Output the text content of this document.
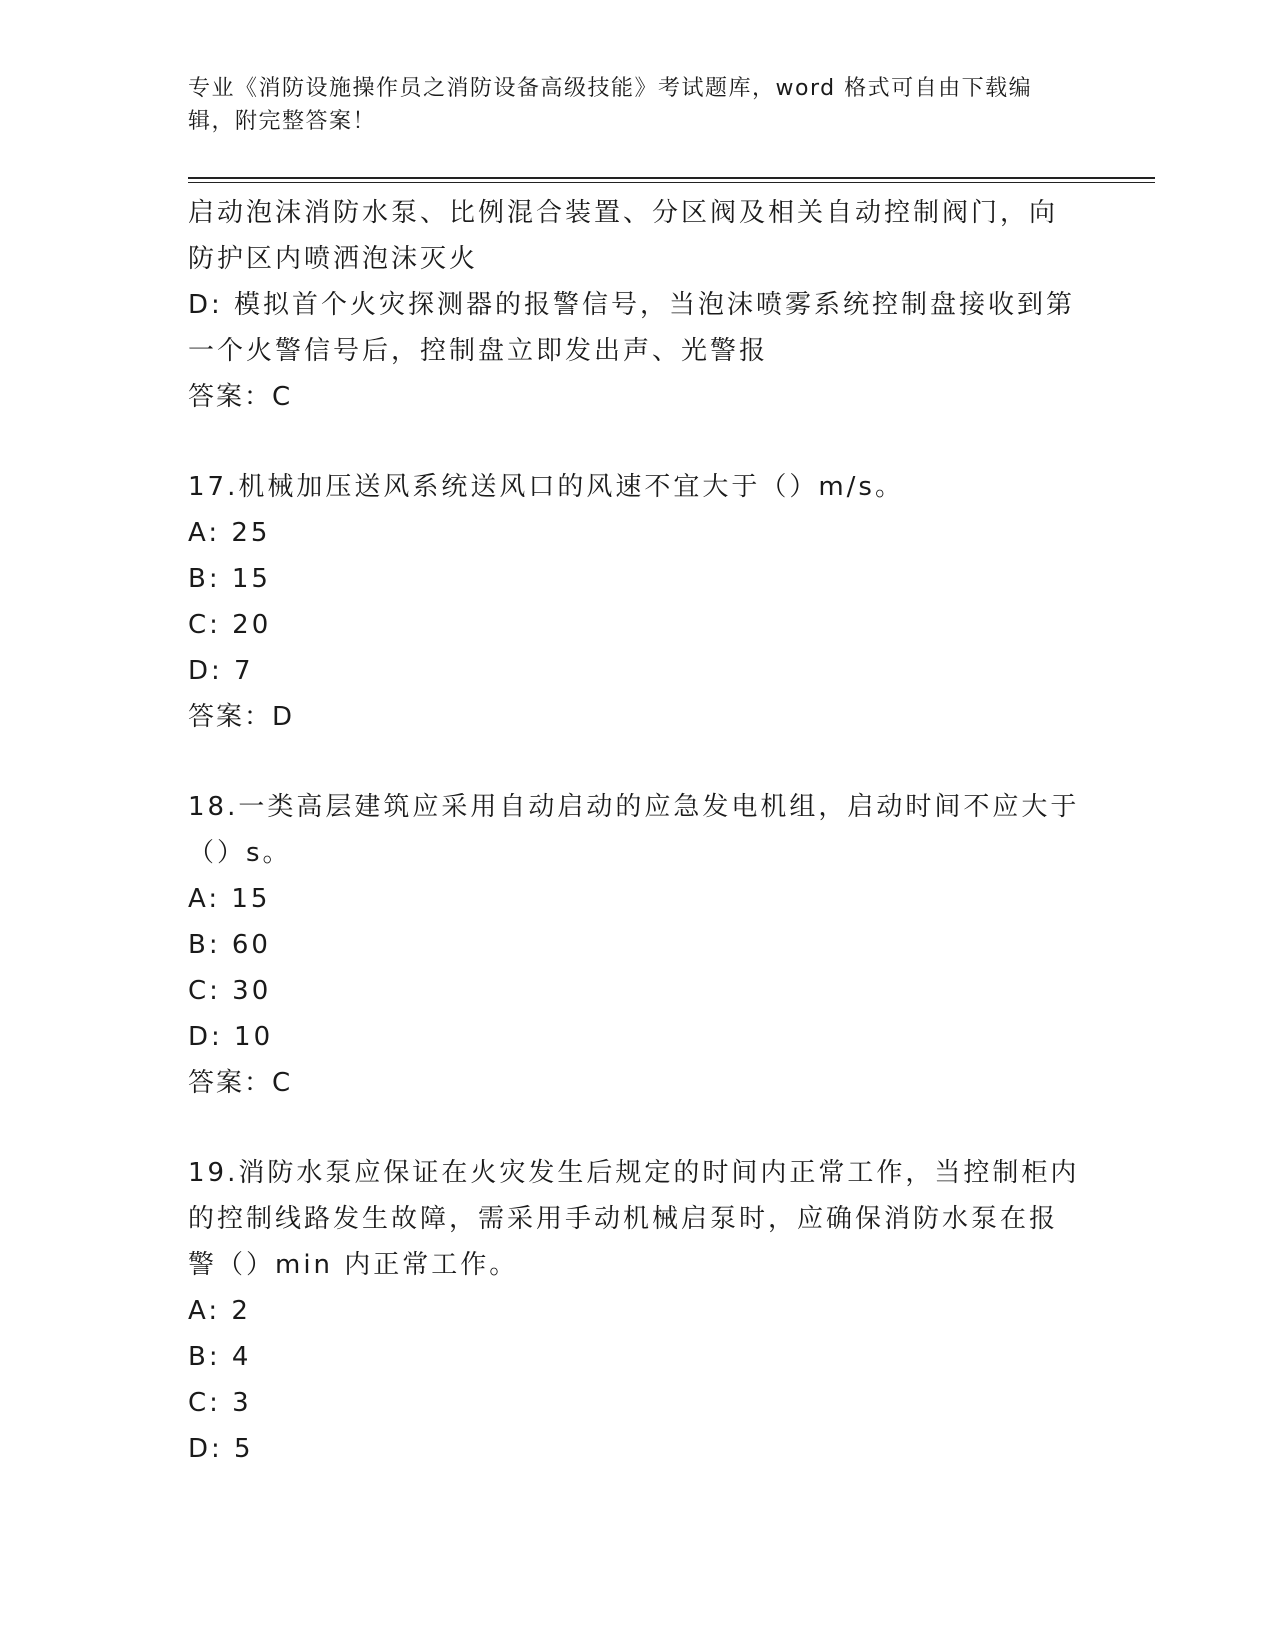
专业《消防设施操作员之消防设备高级技能》考试题库，word 格式可自由下载编
辑，附完整答案！
启动泡沫消防水泵、比例混合装置、分区阀及相关自动控制阀门，向
防护区内喷洒泡沫灭火
D: 模拟首个火灾探测器的报警信号，当泡沫喷雾系统控制盘接收到第
一个火警信号后，控制盘立即发出声、光警报
答案：C
17.机械加压送风系统送风口的风速不宜大于（）m/s。
A: 25
B: 15
C: 20
D: 7
答案：D
18.一类高层建筑应采用自动启动的应急发电机组，启动时间不应大于
（）s。
A: 15
B: 60
C: 30
D: 10
答案：C
19.消防水泵应保证在火灾发生后规定的时间内正常工作，当控制柜内
的控制线路发生故障，需采用手动机械启泵时，应确保消防水泵在报
警（）min 内正常工作。
A: 2
B: 4
C: 3
D: 5
